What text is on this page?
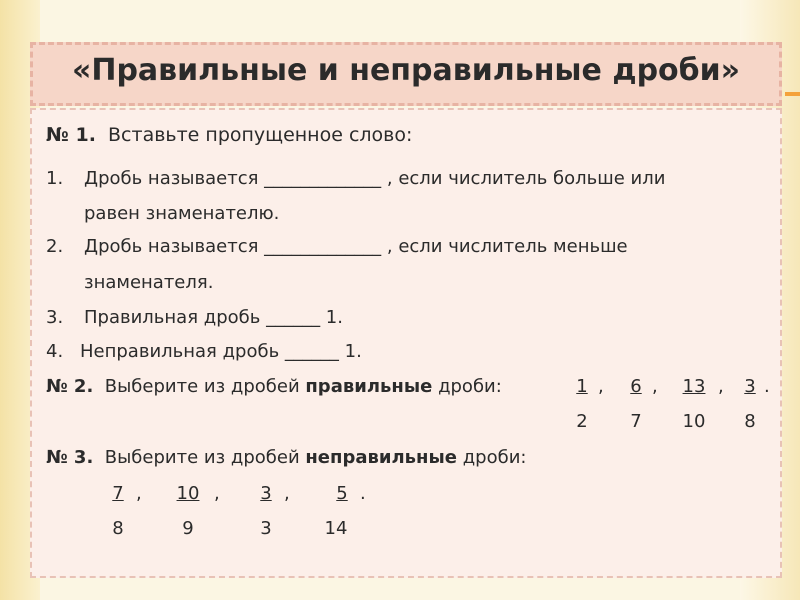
«Правильные и неправильные дроби»
№ 1. Вставьте пропущенное слово:
1. Дробь называется _____________ , если числитель больше или
равен знаменателю.
2. Дробь называется _____________ , если числитель меньше
знаменателя.
3. Правильная дробь ______ 1.
4. Неправильная дробь ______ 1.
№ 2. Выберите из дробей правильные дроби:	1 ,	6 ,	13 ,	3 .
2	7	10	8
№ 3. Выберите из дробей неправильные дроби:
7 ,	10 ,	3 ,	5 .
8	9	3	14
